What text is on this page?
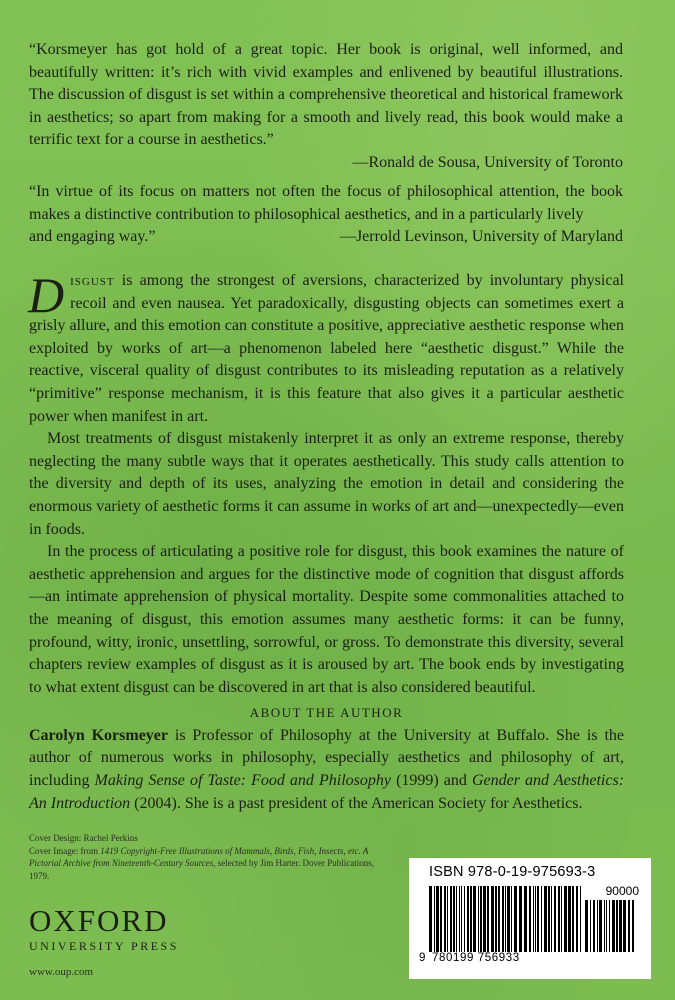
“Korsmeyer has got hold of a great topic. Her book is original, well informed, and beautifully written: it’s rich with vivid examples and enlivened by beautiful illustrations. The discussion of disgust is set within a comprehensive theoretical and historical framework in aesthetics; so apart from making for a smooth and lively read, this book would make a terrific text for a course in aesthetics.”
—Ronald de Sousa, University of Toronto
“In virtue of its focus on matters not often the focus of philosophical attention, the book makes a distinctive contribution to philosophical aesthetics, and in a particularly lively
and engaging way.”	—Jerrold Levinson, University of Maryland

Disgust is among the strongest of aversions, characterized by involuntary physical recoil and even nausea. Yet paradoxically, disgusting objects can sometimes exert a grisly allure, and this emotion can constitute a positive, appreciative aesthetic response when exploited by works of art—a phenomenon labeled here “aesthetic disgust.” While the reactive, visceral quality of disgust contributes to its misleading reputation as a relatively “primitive” response mechanism, it is this feature that also gives it a particular aesthetic power when manifest in art.

Most treatments of disgust mistakenly interpret it as only an extreme response, thereby neglecting the many subtle ways that it operates aesthetically. This study calls attention to the diversity and depth of its uses, analyzing the emotion in detail and considering the enormous variety of aesthetic forms it can assume in works of art and—unexpectedly—even in foods.

In the process of articulating a positive role for disgust, this book examines the nature of aesthetic apprehension and argues for the distinctive mode of cognition that disgust affords—an intimate apprehension of physical mortality. Despite some commonalities attached to the meaning of disgust, this emotion assumes many aesthetic forms: it can be funny, profound, witty, ironic, unsettling, sorrowful, or gross. To demonstrate this diversity, several chapters review examples of disgust as it is aroused by art. The book ends by investigating to what extent disgust can be discovered in art that is also considered beautiful.

ABOUT THE AUTHOR

Carolyn Korsmeyer is Professor of Philosophy at the University at Buffalo. She is the author of numerous works in philosophy, especially aesthetics and philosophy of art, including Making Sense of Taste: Food and Philosophy (1999) and Gender and Aesthetics: An Introduction (2004). She is a past president of the American Society for Aesthetics.

Cover Design: Rachel Perkins
Cover Image: from 1419 Copyright-Free Illustrations of Mammals, Birds, Fish, Insects, etc. A Pictorial Archive from Nineteenth-Century Sources, selected by Jim Harter. Dover Publications, 1979.
OXFORD
UNIVERSITY PRESS
www.oup.com
ISBN 978-0-19-975693-3
90000
9 780199 756933
